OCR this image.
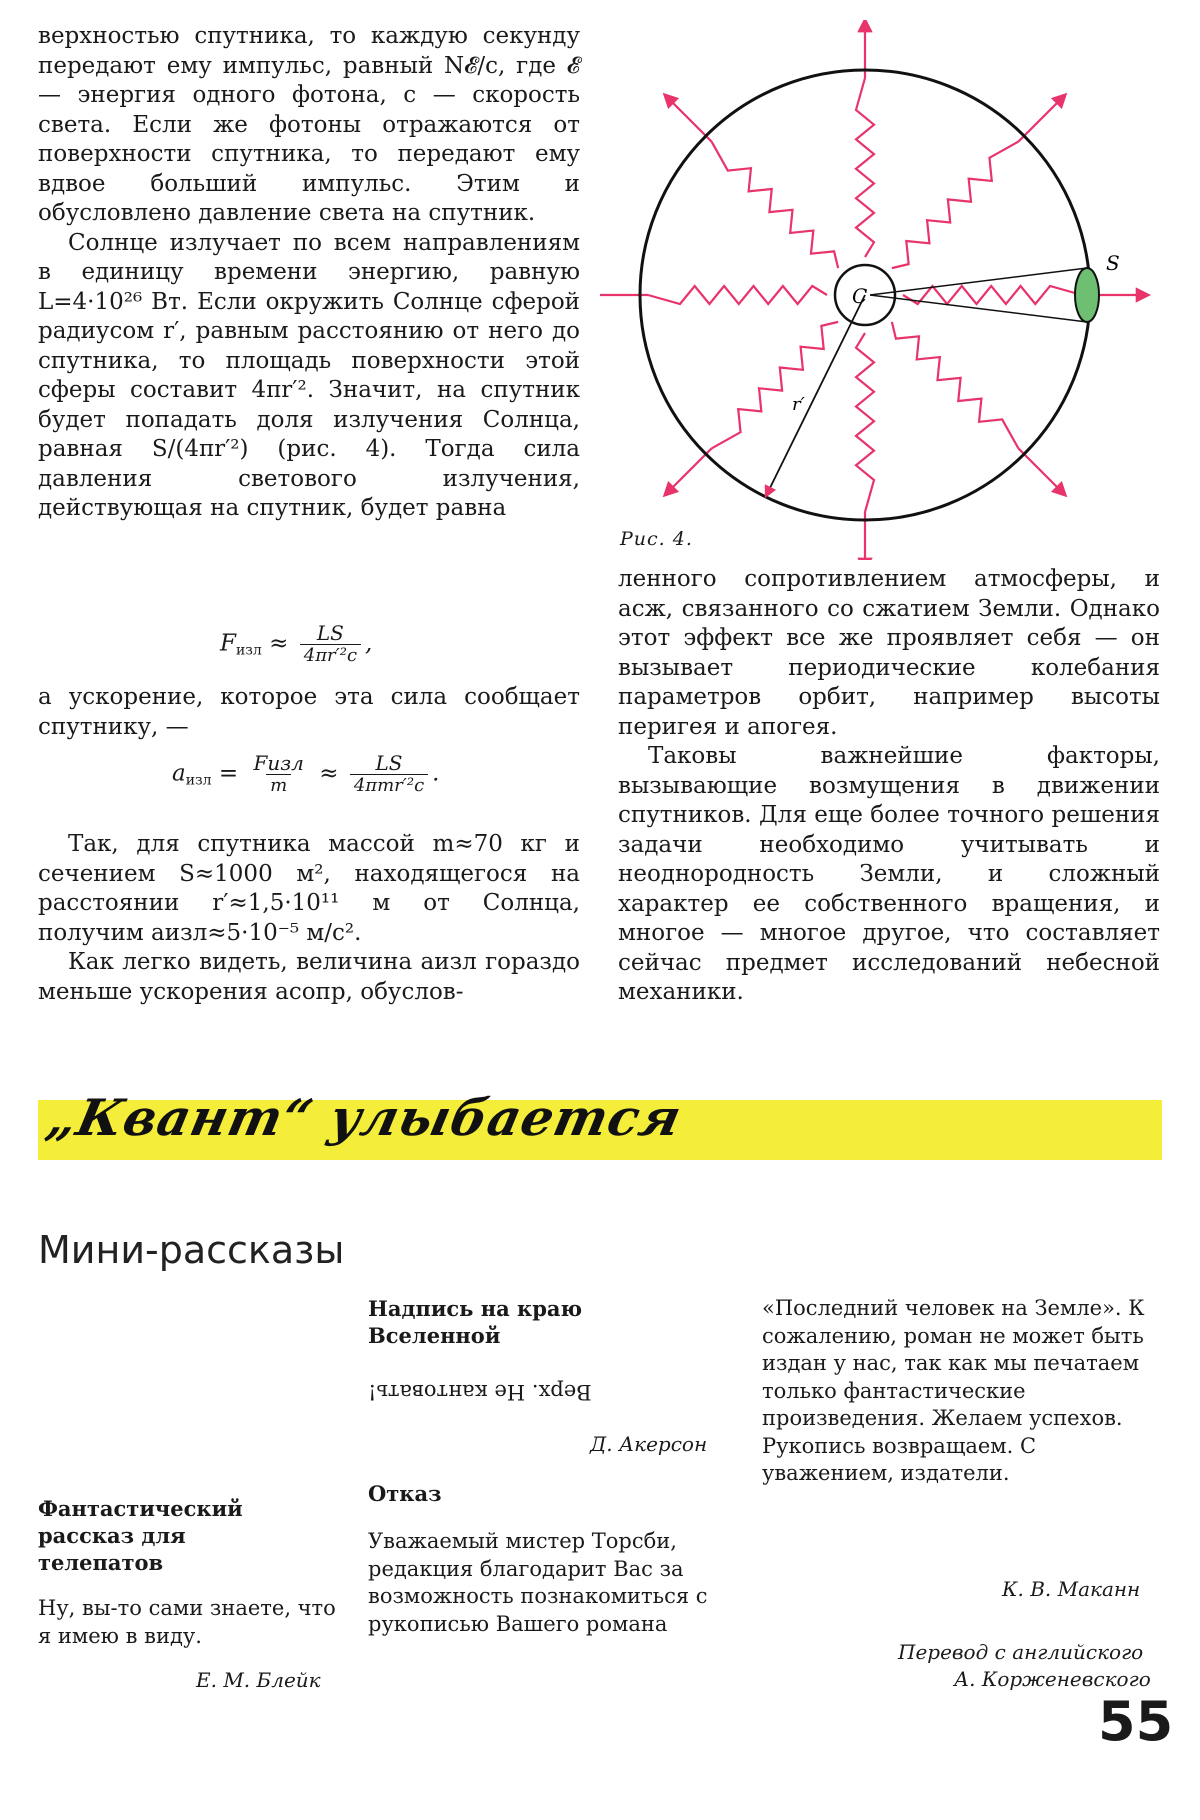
верхностью спутника, то каждую секунду передают ему импульс, равный N𝓔/c, где 𝓔 — энергия одного фотона, c — скорость света. Если же фотоны отражаются от поверхности спутника, то передают ему вдвое больший импульс. Этим и обусловлено давление света на спутник.

Солнце излучает по всем направлениям в единицу времени энергию, равную L=4·10²⁶ Вт. Если окружить Солнце сферой радиусом r′, равным расстоянию от него до спутника, то площадь поверхности этой сферы составит 4πr′². Значит, на спутник будет попадать доля излучения Солнца, равная S/(4πr′²) (рис. 4). Тогда сила давления светового излучения, действующая на спутник, будет равна

$F_{изл} \approx \frac{LS}{\text{4πr′²c}}$ ,

а ускорение, которое эта сила сообщает спутнику, —

$a_{изл} = \frac{\text{Fизл}}{m} \approx \frac{LS}{\text{4πmr′²c}}$ .

Так, для спутника массой m≈70 кг и сечением S≈1000 м², находящегося на расстоянии r′≈1,5·10¹¹ м от Солнца, получим aизл≈5·10⁻⁵ м/с².

Как легко видеть, величина aизл гораздо меньше ускорения aсопр, обуслов-

C
S
r′
Рис. 4.

ленного сопротивлением атмосферы, и aсж, связанного со сжатием Земли. Однако этот эффект все же проявляет себя — он вызывает периодические колебания параметров орбит, например высоты перигея и апогея.

Таковы важнейшие факторы, вызывающие возмущения в движении спутников. Для еще более точного решения задачи необходимо учитывать и неоднородность Земли, и сложный характер ее собственного вращения, и многое — многое другое, что составляет сейчас предмет исследований небесной механики.

„Квант“ улыбается
Мини-рассказы
Фантастический рассказ для телепатов
Ну, вы-то сами знаете, что я имею в виду.
Е. М. Блейк
Надпись на краю Вселенной
Верх. Не кантовать!
Д. Акерсон
Отказ
Уважаемый мистер Торсби, редакция благодарит Вас за возможность познакомиться с рукописью Вашего романа
«Последний человек на Земле». К сожалению, роман не может быть издан у нас, так как мы печатаем только фантастические произведения. Желаем успехов. Рукопись возвращаем. С уважением, издатели.
К. В. Маканн
Перевод с английского
А. Корженевского
55
